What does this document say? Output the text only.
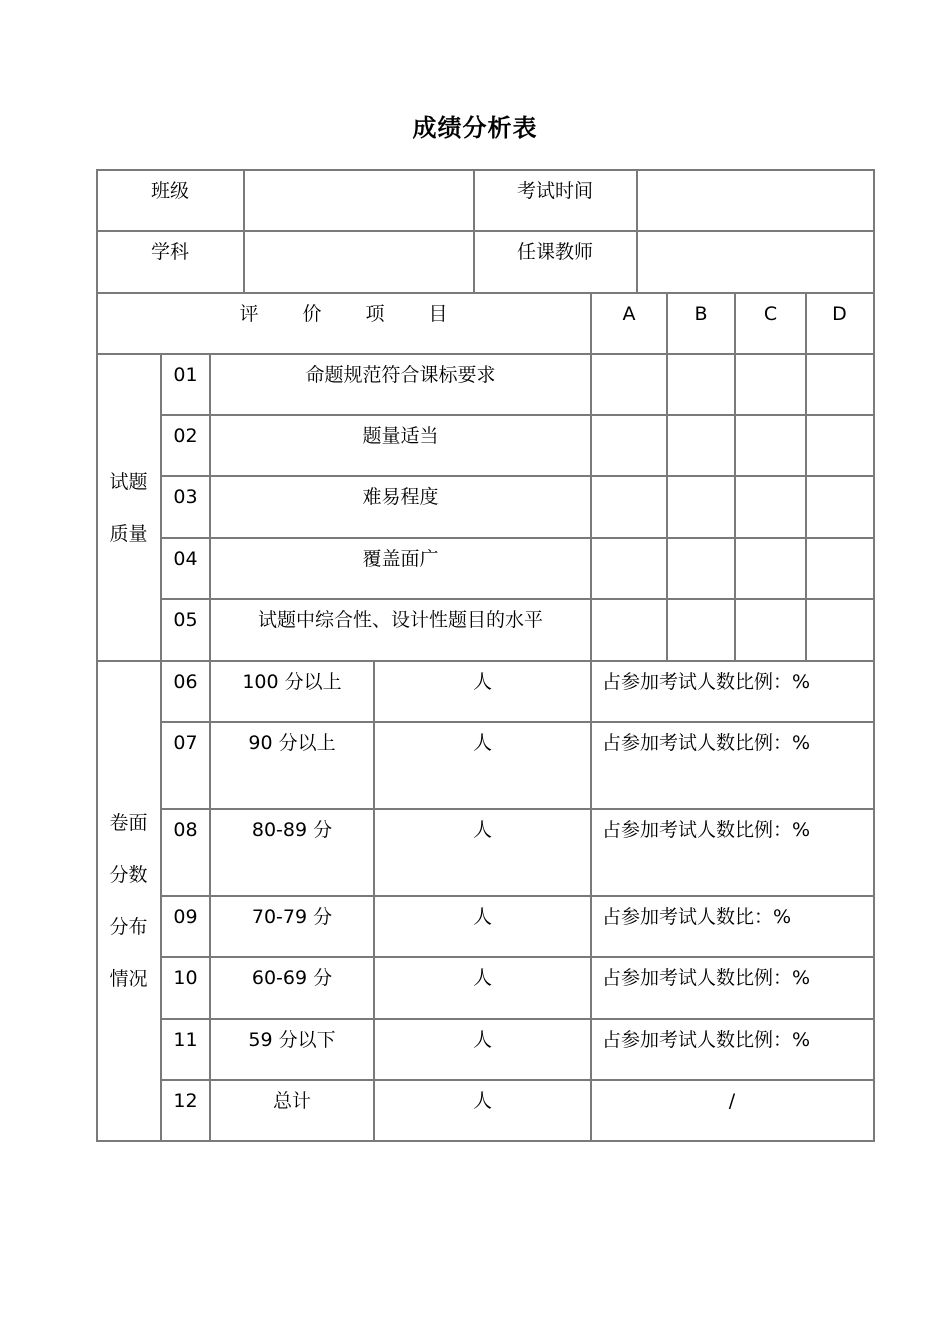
成绩分析表
班级	考试时间
学科	任课教师
评价项目	A	B	C	D
试题
质量
卷面
分数
分布
情况
01	命题规范符合课标要求
02	题量适当
03	难易程度
04	覆盖面广
05	试题中综合性、设计性题目的水平
06	100 分以上	人	占参加考试人数比例：%
07	90 分以上	人	占参加考试人数比例：%
08	80-89 分	人	占参加考试人数比例：%
09	70-79 分	人	占参加考试人数比：%
10	60-69 分	人	占参加考试人数比例：%
11	59 分以下	人	占参加考试人数比例：%
12	总计	人	/
